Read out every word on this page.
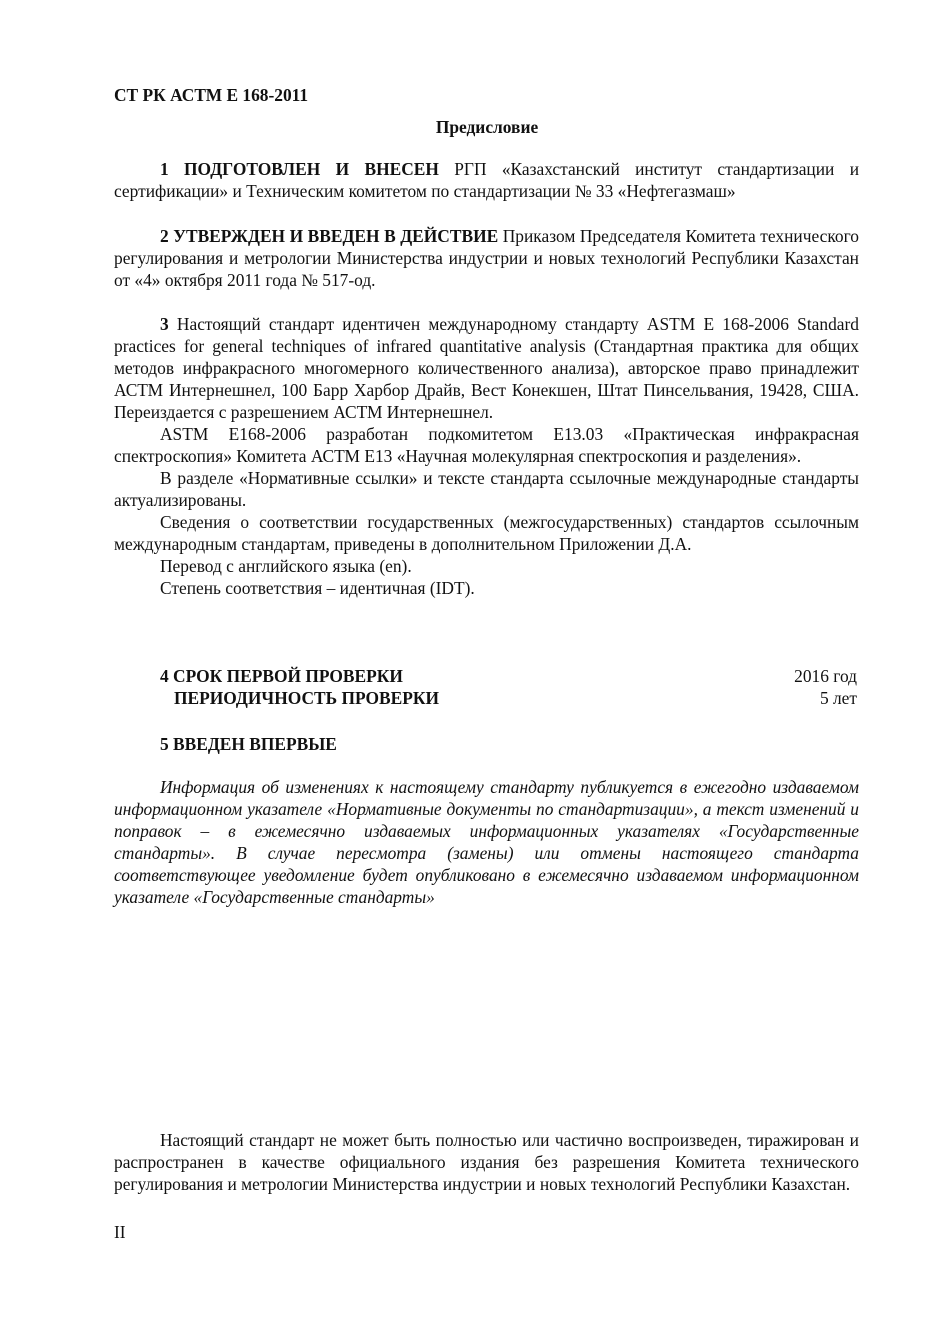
СТ РК АСТМ Е 168-2011
Предисловие

1 ПОДГОТОВЛЕН И ВНЕСЕН РГП «Казахстанский институт стандартизации и сертификации» и Техническим комитетом по стандартизации № 33 «Нефтегазмаш»

2 УТВЕРЖДЕН И ВВЕДЕН В ДЕЙСТВИЕ Приказом Председателя Комитета технического регулирования и метрологии Министерства индустрии и новых технологий Республики Казахстан от «4» октября 2011 года № 517-од.

3 Настоящий стандарт идентичен международному стандарту ASTM E 168-2006 Standard practices for general techniques of infrared quantitative analysis (Стандартная практика для общих методов инфракрасного многомерного количественного анализа), авторское право принадлежит АСТМ Интернешнел, 100 Барр Харбор Драйв, Вест Конекшен, Штат Пинсельвания, 19428, США. Переиздается с разрешением АСТМ Интернешнел.

ASTM E168-2006 разработан подкомитетом E13.03 «Практическая инфракрасная спектроскопия» Комитета АСТМ Е13 «Научная молекулярная спектроскопия и разделения».

В разделе «Нормативные ссылки» и тексте стандарта ссылочные международные стандарты актуализированы.

Сведения о соответствии государственных (межгосударственных) стандартов ссылочным международным стандартам, приведены в дополнительном Приложении Д.А.

Перевод с английского языка (en).

Степень соответствия – идентичная (IDT).

4 СРОК ПЕРВОЙ ПРОВЕРКИ	2016 год
ПЕРИОДИЧНОСТЬ ПРОВЕРКИ	5 лет
5 ВВЕДЕН ВПЕРВЫЕ

Информация об изменениях к настоящему стандарту публикуется в ежегодно издаваемом информационном указателе «Нормативные документы по стандартизации», а текст изменений и поправок – в ежемесячно издаваемых информационных указателях «Государственные стандарты». В случае пересмотра (замены) или отмены настоящего стандарта соответствующее уведомление будет опубликовано в ежемесячно издаваемом информационном указателе «Государственные стандарты»

Настоящий стандарт не может быть полностью или частично воспроизведен, тиражирован и распространен в качестве официального издания без разрешения Комитета технического регулирования и метрологии Министерства индустрии и новых технологий Республики Казахстан.

II
